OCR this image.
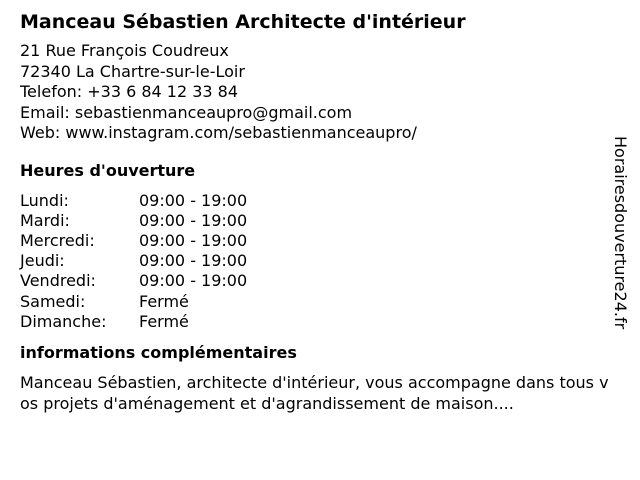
Manceau Sébastien Architecte d'intérieur
21 Rue François Coudreux
72340 La Chartre-sur-le-Loir
Telefon: +33 6 84 12 33 84
Email: sebastienmanceaupro@gmail.com
Web: www.instagram.com/sebastienmanceaupro/
Heures d'ouverture
Lundi:	09:00 - 19:00
Mardi:	09:00 - 19:00
Mercredi:	09:00 - 19:00
Jeudi:	09:00 - 19:00
Vendredi:	09:00 - 19:00
Samedi:	Fermé
Dimanche:	Fermé
informations complémentaires
Manceau Sébastien, architecte d'intérieur, vous accompagne dans tous vos projets d'aménagement et d'agrandissement de maison....
Horairesdouverture24.fr
